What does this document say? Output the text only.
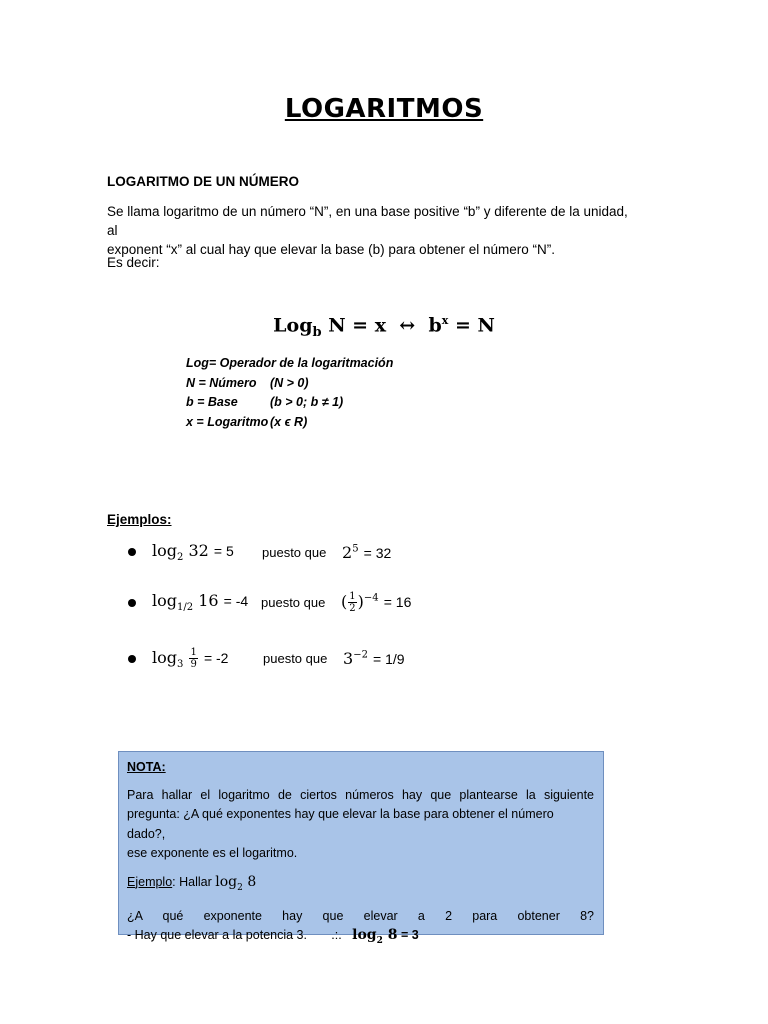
LOGARITMOS
LOGARITMO DE UN NÚMERO
Se llama logaritmo de un número “N”, en una base positive “b” y diferente de la unidad, al
exponent “x” al cual hay que elevar la base (b) para obtener el número “N”.
Es decir:
Log$_b$ N = x ↔ $b^x = N$
Log= Operador de la logaritmación
N = Número	(N > 0)
b = Base	(b > 0; b ≠ 1)
x = Logaritmo (x ϵ R)
Ejemplos:
$\log_2 32 = 5$	puesto que $2^5 = 32$
$\log_{1/2} 16 = -4$ puesto que ( $\frac{1}{2} )^{-4} = 16$
$\log_3 \frac{1}{9} = -2$	puesto que $3^{-2} = 1/9$
NOTA:
Para hallar el logaritmo de ciertos números hay que plantearse la siguiente
pregunta: ¿A qué exponentes hay que elevar la base para obtener el número dado?,
ese exponente es el logaritmo.
Ejemplo: Hallar $\log_2 8$
¿A qué exponente hay que elevar a 2 para obtener 8?
- Hay que elevar a la potencia 3. .:. $\log_2 8 = 3$
